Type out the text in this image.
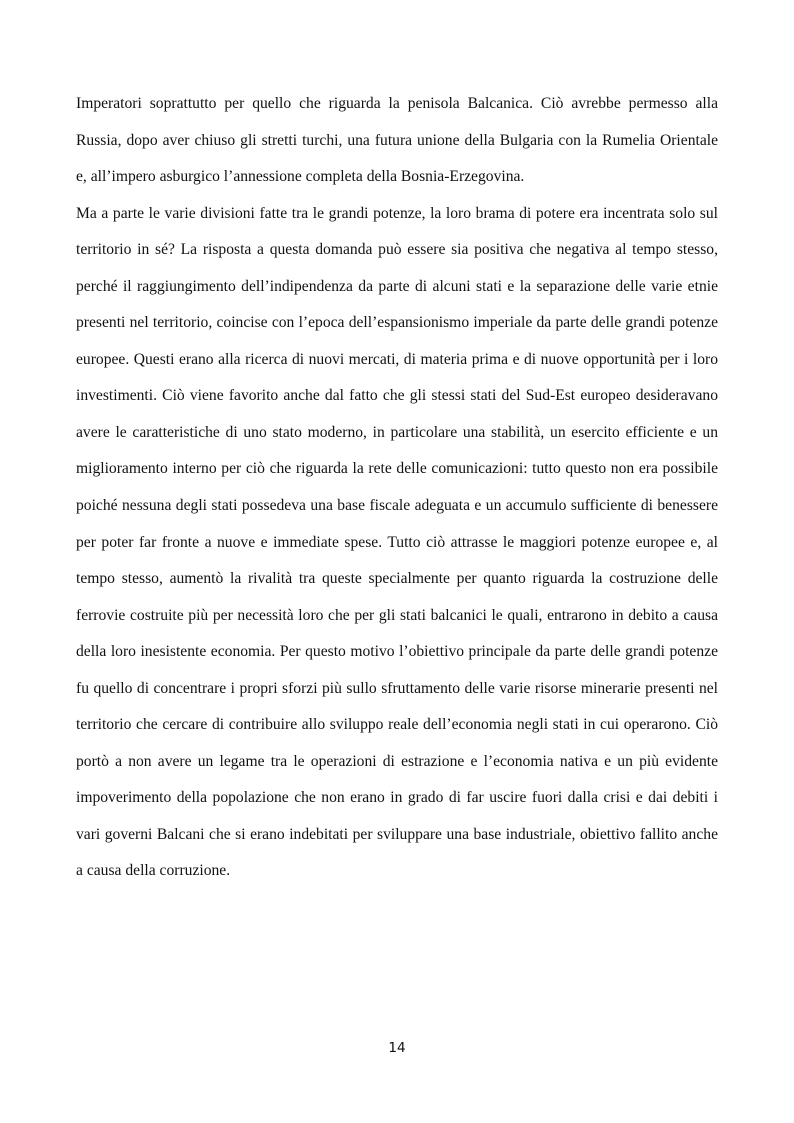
Imperatori soprattutto per quello che riguarda la penisola Balcanica. Ciò avrebbe permesso alla
Russia, dopo aver chiuso gli stretti turchi, una futura unione della Bulgaria con la Rumelia Orientale
e, all’impero asburgico l’annessione completa della Bosnia-Erzegovina.
Ma a parte le varie divisioni fatte tra le grandi potenze, la loro brama di potere era incentrata solo sul
territorio in sé? La risposta a questa domanda può essere sia positiva che negativa al tempo stesso,
perché il raggiungimento dell’indipendenza da parte di alcuni stati e la separazione delle varie etnie
presenti nel territorio, coincise con l’epoca dell’espansionismo imperiale da parte delle grandi potenze
europee. Questi erano alla ricerca di nuovi mercati, di materia prima e di nuove opportunità per i loro
investimenti. Ciò viene favorito anche dal fatto che gli stessi stati del Sud-Est europeo desideravano
avere le caratteristiche di uno stato moderno, in particolare una stabilità, un esercito efficiente e un
miglioramento interno per ciò che riguarda la rete delle comunicazioni: tutto questo non era possibile
poiché nessuna degli stati possedeva una base fiscale adeguata e un accumulo sufficiente di benessere
per poter far fronte a nuove e immediate spese. Tutto ciò attrasse le maggiori potenze europee e, al
tempo stesso, aumentò la rivalità tra queste specialmente per quanto riguarda la costruzione delle
ferrovie costruite più per necessità loro che per gli stati balcanici le quali, entrarono in debito a causa
della loro inesistente economia. Per questo motivo l’obiettivo principale da parte delle grandi potenze
fu quello di concentrare i propri sforzi più sullo sfruttamento delle varie risorse minerarie presenti nel
territorio che cercare di contribuire allo sviluppo reale dell’economia negli stati in cui operarono. Ciò
portò a non avere un legame tra le operazioni di estrazione e l’economia nativa e un più evidente
impoverimento della popolazione che non erano in grado di far uscire fuori dalla crisi e dai debiti i
vari governi Balcani che si erano indebitati per sviluppare una base industriale, obiettivo fallito anche
a causa della corruzione.
14
